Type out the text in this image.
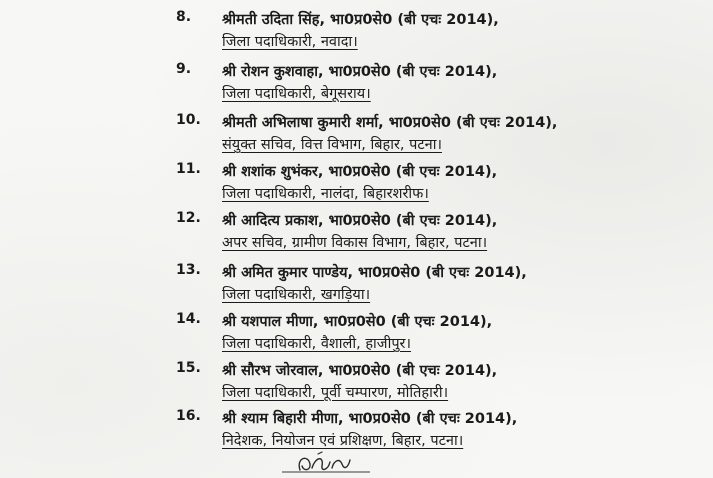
8.	श्रीमती उदिता सिंह, भा0प्र0से0 (बी एचः 2014),
जिला पदाधिकारी, नवादा।
9.	श्री रोशन कुशवाहा, भा0प्र0से0 (बी एचः 2014),
जिला पदाधिकारी, बेगूसराय।
10. श्रीमती अभिलाषा कुमारी शर्मा, भा0प्र0से0 (बी एचः 2014),
संयुक्त सचिव, वित्त विभाग, बिहार, पटना।
11. श्री शशांक शुभंकर, भा0प्र0से0 (बी एचः 2014),
जिला पदाधिकारी, नालंदा, बिहारशरीफ।
12. श्री आदित्य प्रकाश, भा0प्र0से0 (बी एचः 2014),
अपर सचिव, ग्रामीण विकास विभाग, बिहार, पटना।
13. श्री अमित कुमार पाण्डेय, भा0प्र0से0 (बी एचः 2014),
जिला पदाधिकारी, खगड़िया।
14. श्री यशपाल मीणा, भा0प्र0से0 (बी एचः 2014),
जिला पदाधिकारी, वैशाली, हाजीपुर।
15. श्री सौरभ जोरवाल, भा0प्र0से0 (बी एचः 2014),
जिला पदाधिकारी, पूर्वी चम्पारण, मोतिहारी।
16. श्री श्याम बिहारी मीणा, भा0प्र0से0 (बी एचः 2014),
निदेशक, नियोजन एवं प्रशिक्षण, बिहार, पटना।
